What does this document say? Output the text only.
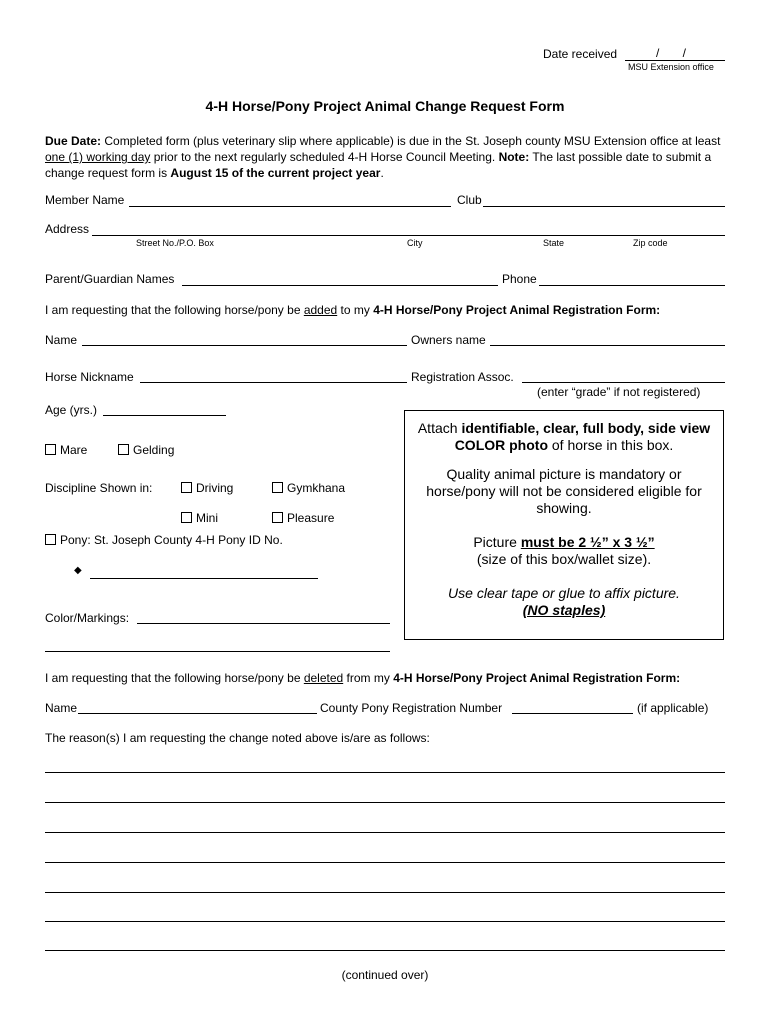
Date received	/       /
MSU Extension office
4-H Horse/Pony Project Animal Change Request Form
Due Date: Completed form (plus veterinary slip where applicable) is due in the St. Joseph county MSU Extension office at least one (1) working day prior to the next regularly scheduled 4-H Horse Council Meeting. Note: The last possible date to submit a change request form is August 15 of the current project year.
Member Name	Club
Address
Street No./P.O. Box	City	State	Zip code
Parent/Guardian Names	Phone
I am requesting that the following horse/pony be added to my 4-H Horse/Pony Project Animal Registration Form:
Name	Owners name
Horse Nickname	Registration Assoc.
(enter “grade” if not registered)
Age (yrs.)
Mare	Gelding
Discipline Shown in:	Driving	Gymkhana
Mini	Pleasure
Pony: St. Joseph County 4-H Pony ID No.
◆
Color/Markings:

Attach identifiable, clear, full body, side view

COLOR photo of horse in this box.

Quality animal picture is mandatory or horse/pony will not be considered eligible for showing.

Picture must be 2 ½” x 3 ½”

(size of this box/wallet size).

Use clear tape or glue to affix picture.

(NO staples)

I am requesting that the following horse/pony be deleted from my 4-H Horse/Pony Project Animal Registration Form:
Name	County Pony Registration Number	(if applicable)
The reason(s) I am requesting the change noted above is/are as follows:
(continued over)
